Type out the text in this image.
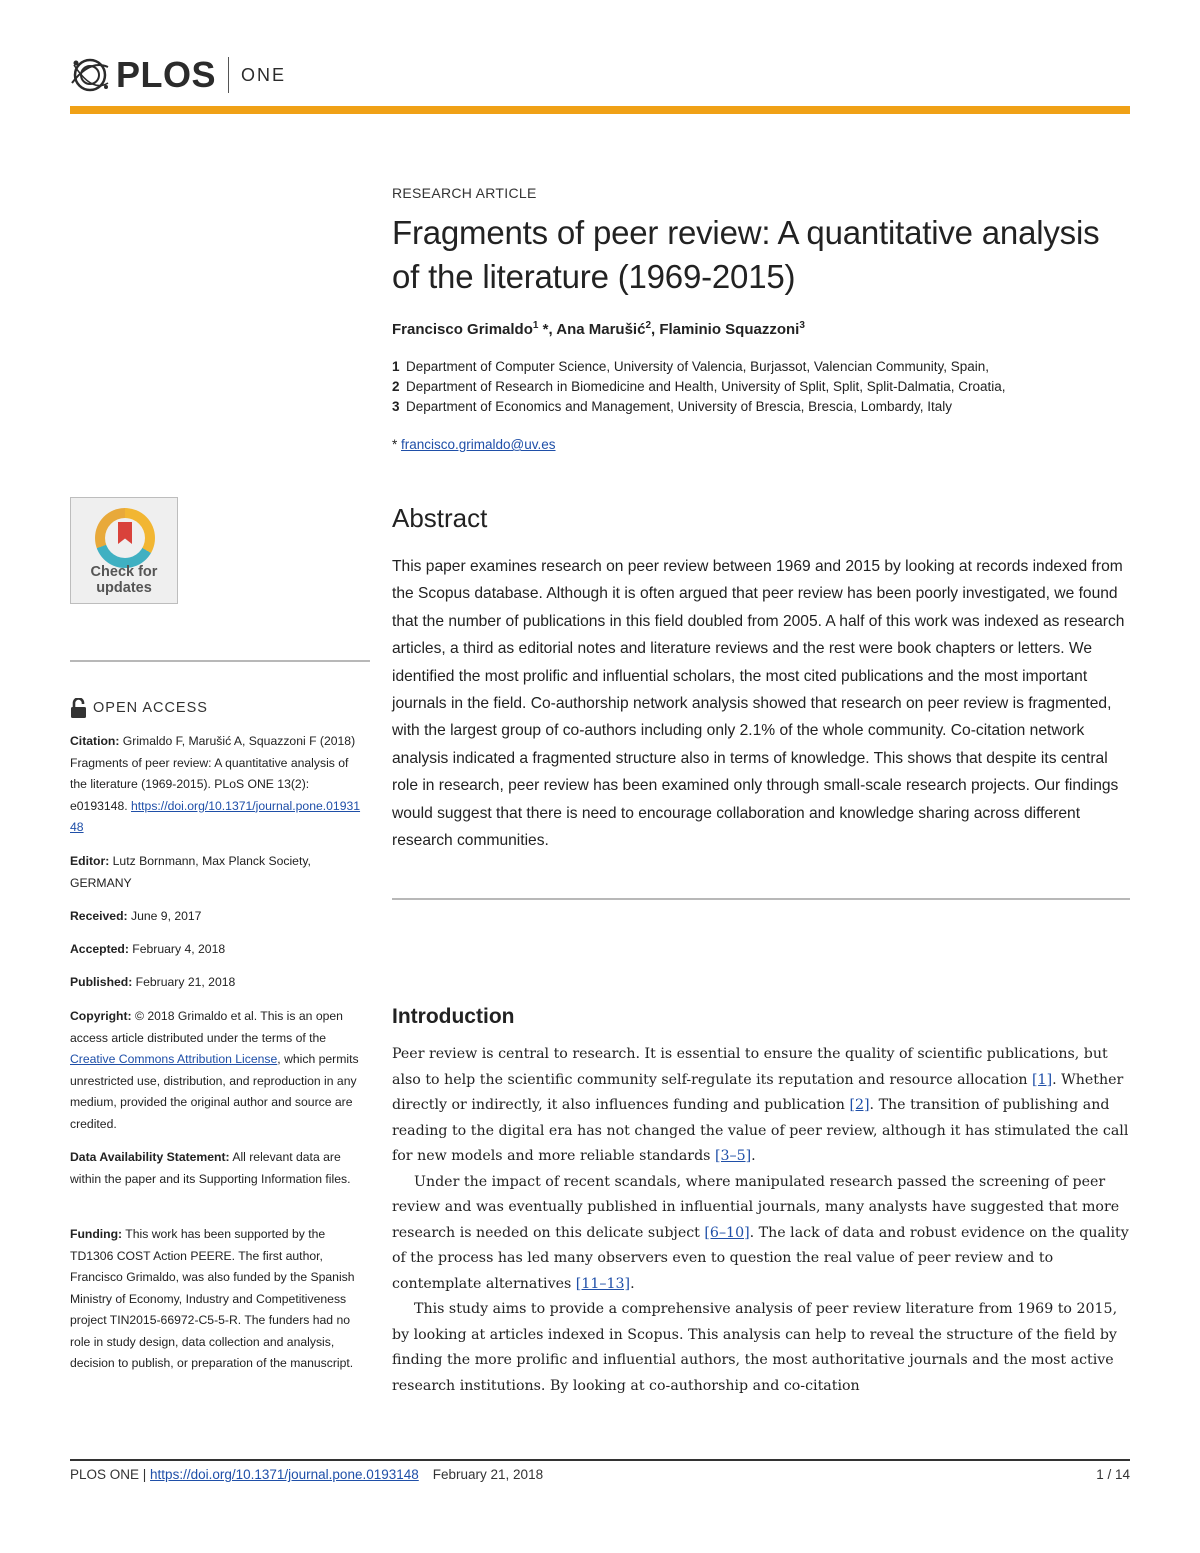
PLOS ONE
RESEARCH ARTICLE
Fragments of peer review: A quantitative analysis of the literature (1969-2015)
Francisco Grimaldo$^1$ *, Ana Marušić$^2$, Flaminio Squazzoni$^3$
1 Department of Computer Science, University of Valencia, Burjassot, Valencian Community, Spain,
2 Department of Research in Biomedicine and Health, University of Split, Split, Split-Dalmatia, Croatia,
3 Department of Economics and Management, University of Brescia, Brescia, Lombardy, Italy
* francisco.grimaldo@uv.es
Abstract

This paper examines research on peer review between 1969 and 2015 by looking at records indexed from the Scopus database. Although it is often argued that peer review has been poorly investigated, we found that the number of publications in this field doubled from 2005. A half of this work was indexed as research articles, a third as editorial notes and literature reviews and the rest were book chapters or letters. We identified the most prolific and influential scholars, the most cited publications and the most important journals in the field. Co-authorship network analysis showed that research on peer review is fragmented, with the largest group of co-authors including only 2.1% of the whole community. Co-citation network analysis indicated a fragmented structure also in terms of knowledge. This shows that despite its central role in research, peer review has been examined only through small-scale research projects. Our findings would suggest that there is need to encourage collaboration and knowledge sharing across different research communities.

Introduction

Peer review is central to research. It is essential to ensure the quality of scientific publications, but also to help the scientific community self-regulate its reputation and resource allocation [1]. Whether directly or indirectly, it also influences funding and publication [2]. The transition of publishing and reading to the digital era has not changed the value of peer review, although it has stimulated the call for new models and more reliable standards [3–5].

Under the impact of recent scandals, where manipulated research passed the screening of peer review and was eventually published in influential journals, many analysts have suggested that more research is needed on this delicate subject [6–10]. The lack of data and robust evidence on the quality of the process has led many observers even to question the real value of peer review and to contemplate alternatives [11–13].

This study aims to provide a comprehensive analysis of peer review literature from 1969 to 2015, by looking at articles indexed in Scopus. This analysis can help to reveal the structure of the field by finding the more prolific and influential authors, the most authoritative journals and the most active research institutions. By looking at co-authorship and co-citation

Check for
updates
OPEN ACCESS
Citation: Grimaldo F, Marušić A, Squazzoni F (2018) Fragments of peer review: A quantitative analysis of the literature (1969-2015). PLoS ONE 13(2): e0193148. https://doi.org/10.1371/journal.pone.0193148
Editor: Lutz Bornmann, Max Planck Society, GERMANY
Received: June 9, 2017
Accepted: February 4, 2018
Published: February 21, 2018
Copyright: © 2018 Grimaldo et al. This is an open access article distributed under the terms of the Creative Commons Attribution License, which permits unrestricted use, distribution, and reproduction in any medium, provided the original author and source are credited.
Data Availability Statement: All relevant data are within the paper and its Supporting Information files.
Funding: This work has been supported by the TD1306 COST Action PEERE. The first author, Francisco Grimaldo, was also funded by the Spanish Ministry of Economy, Industry and Competitiveness project TIN2015-66972-C5-5-R. The funders had no role in study design, data collection and analysis, decision to publish, or preparation of the manuscript.
PLOS ONE | https://doi.org/10.1371/journal.pone.0193148 February 21, 2018	1 / 14
